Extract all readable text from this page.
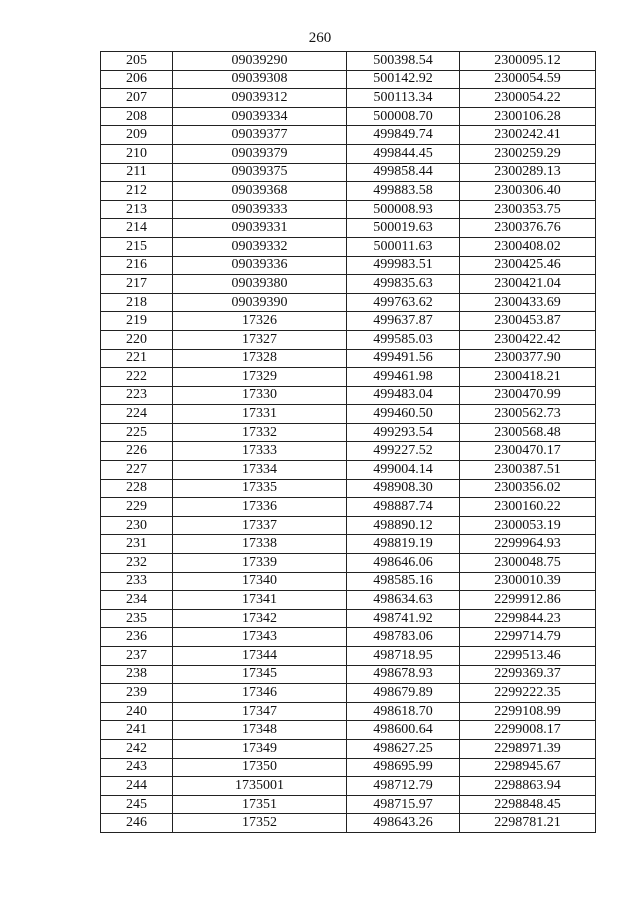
260
205	09039290	500398.54	2300095.12
206	09039308	500142.92	2300054.59
207	09039312	500113.34	2300054.22
208	09039334	500008.70	2300106.28
209	09039377	499849.74	2300242.41
210	09039379	499844.45	2300259.29
211	09039375	499858.44	2300289.13
212	09039368	499883.58	2300306.40
213	09039333	500008.93	2300353.75
214	09039331	500019.63	2300376.76
215	09039332	500011.63	2300408.02
216	09039336	499983.51	2300425.46
217	09039380	499835.63	2300421.04
218	09039390	499763.62	2300433.69
219	17326	499637.87	2300453.87
220	17327	499585.03	2300422.42
221	17328	499491.56	2300377.90
222	17329	499461.98	2300418.21
223	17330	499483.04	2300470.99
224	17331	499460.50	2300562.73
225	17332	499293.54	2300568.48
226	17333	499227.52	2300470.17
227	17334	499004.14	2300387.51
228	17335	498908.30	2300356.02
229	17336	498887.74	2300160.22
230	17337	498890.12	2300053.19
231	17338	498819.19	2299964.93
232	17339	498646.06	2300048.75
233	17340	498585.16	2300010.39
234	17341	498634.63	2299912.86
235	17342	498741.92	2299844.23
236	17343	498783.06	2299714.79
237	17344	498718.95	2299513.46
238	17345	498678.93	2299369.37
239	17346	498679.89	2299222.35
240	17347	498618.70	2299108.99
241	17348	498600.64	2299008.17
242	17349	498627.25	2298971.39
243	17350	498695.99	2298945.67
244	1735001	498712.79	2298863.94
245	17351	498715.97	2298848.45
246	17352	498643.26	2298781.21
